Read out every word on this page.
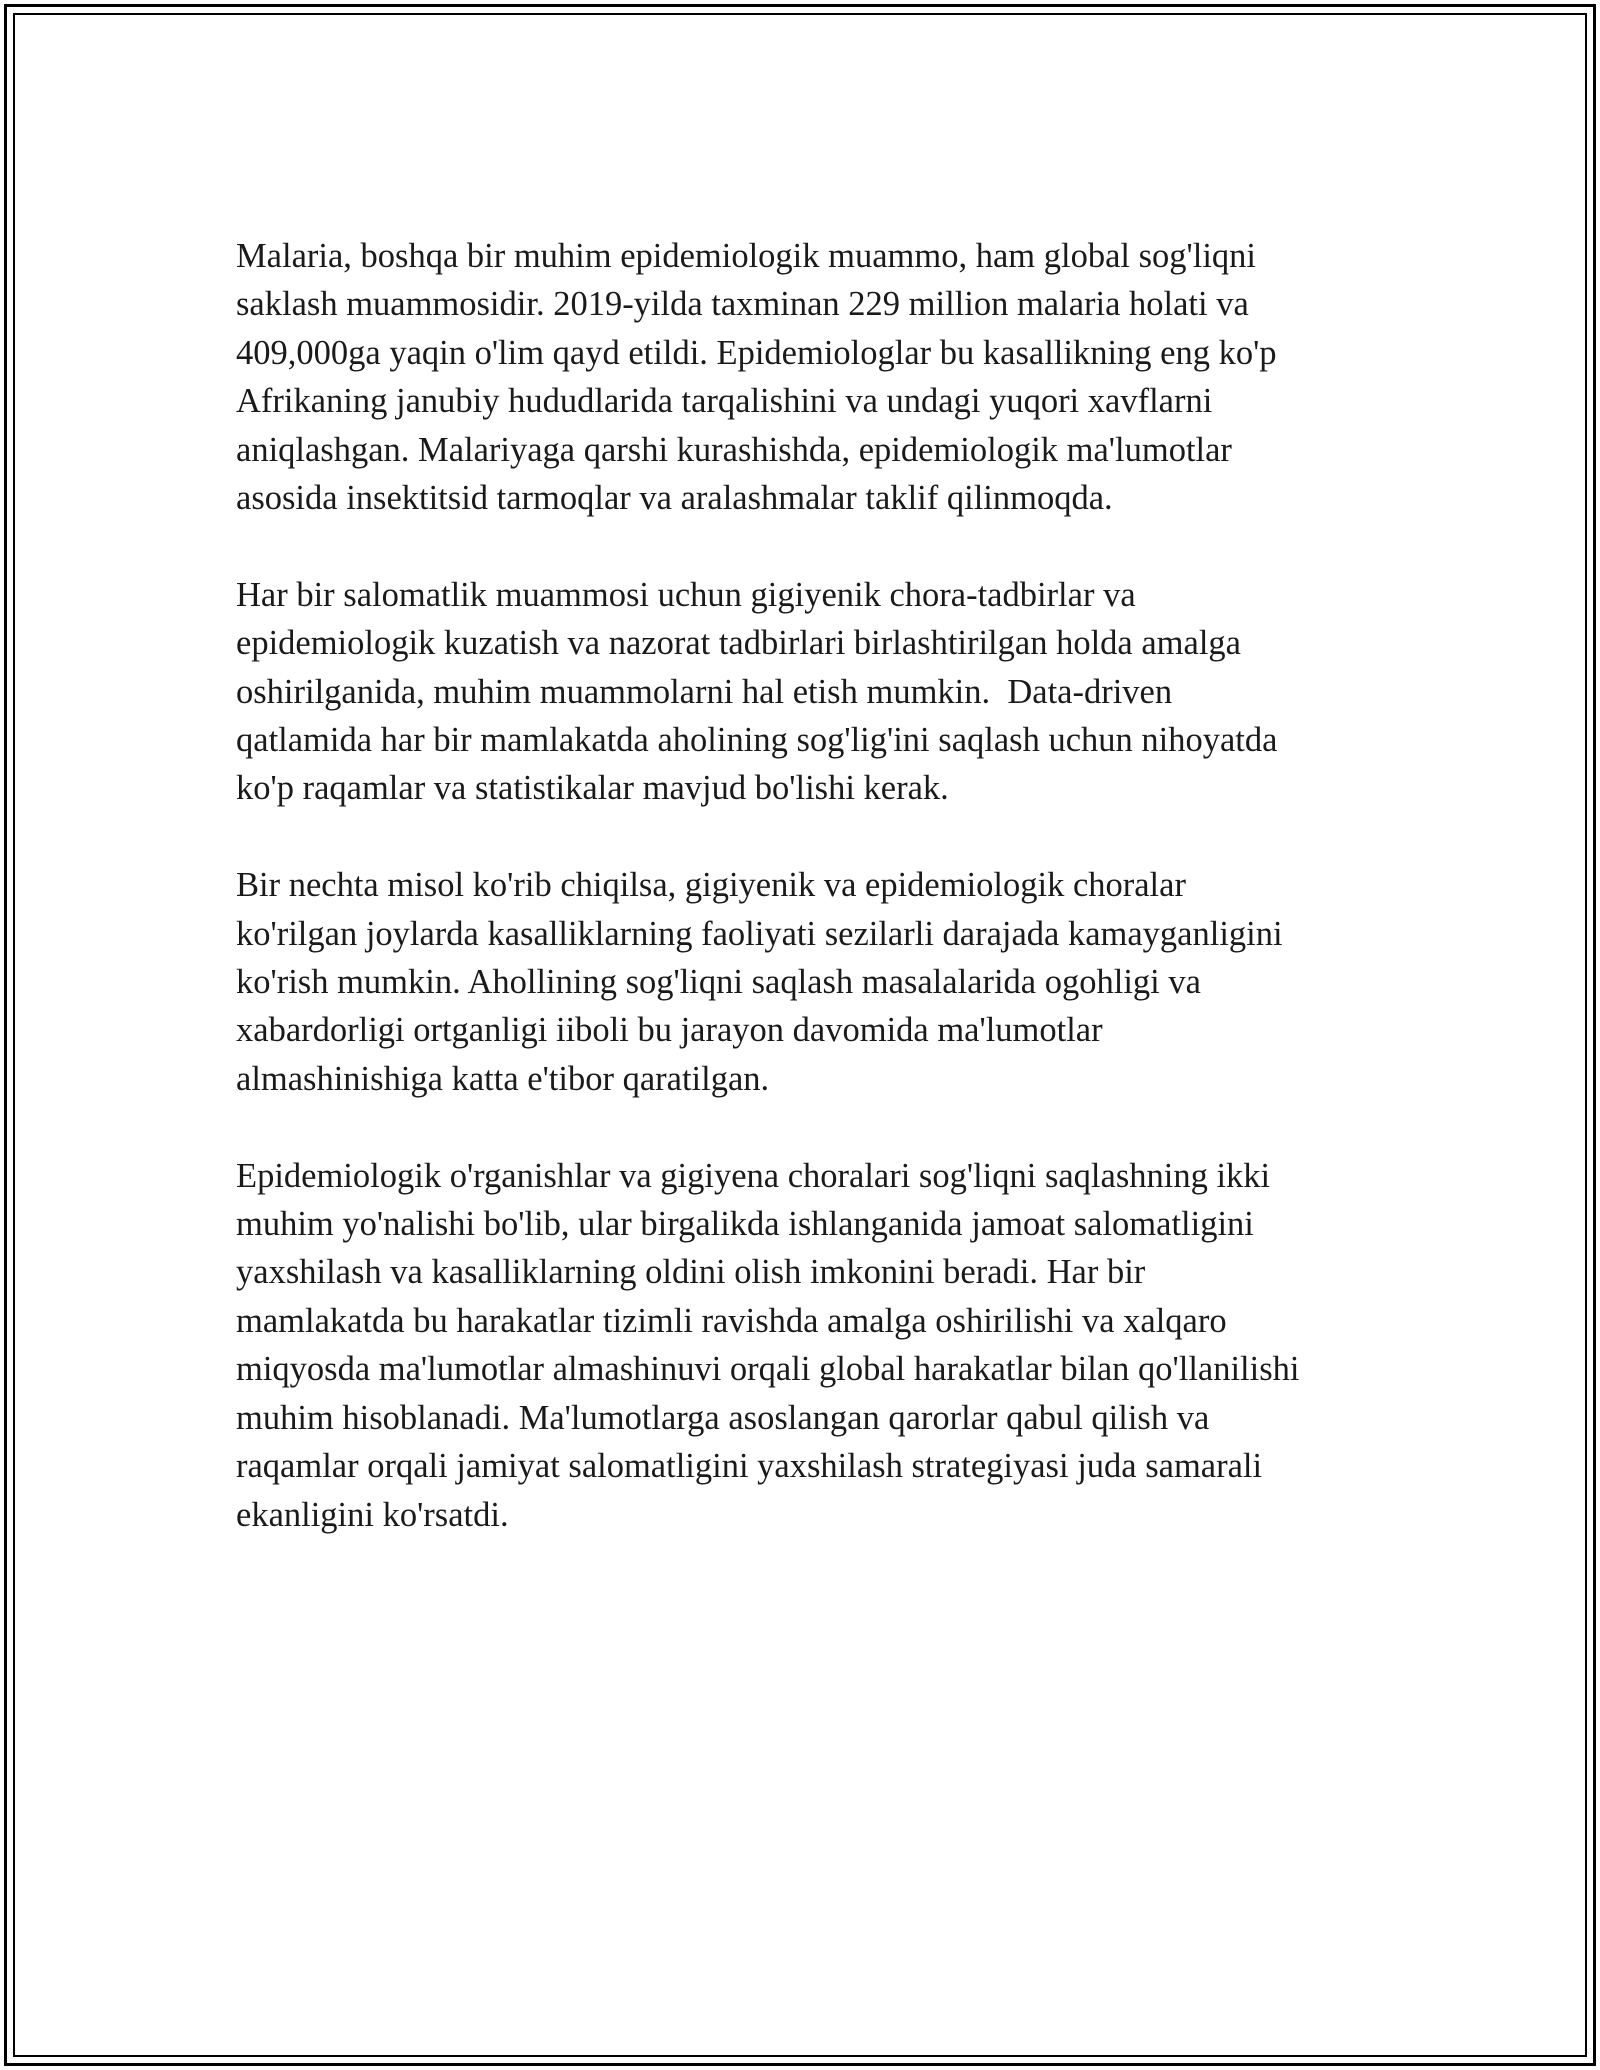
Malaria, boshqa bir muhim epidemiologik muammo, ham global sog'liqni
saklash muammosidir. 2019-yilda taxminan 229 million malaria holati va
409,000ga yaqin o'lim qayd etildi. Epidemiologlar bu kasallikning eng ko'p
Afrikaning janubiy hududlarida tarqalishini va undagi yuqori xavflarni
aniqlashgan. Malariyaga qarshi kurashishda, epidemiologik ma'lumotlar
asosida insektitsid tarmoqlar va aralashmalar taklif qilinmoqda.

Har bir salomatlik muammosi uchun gigiyenik chora-tadbirlar va
epidemiologik kuzatish va nazorat tadbirlari birlashtirilgan holda amalga
oshirilganida, muhim muammolarni hal etish mumkin.  Data-driven
qatlamida har bir mamlakatda aholining sog'lig'ini saqlash uchun nihoyatda
ko'p raqamlar va statistikalar mavjud bo'lishi kerak.

Bir nechta misol ko'rib chiqilsa, gigiyenik va epidemiologik choralar
ko'rilgan joylarda kasalliklarning faoliyati sezilarli darajada kamayganligini
ko'rish mumkin. Ahollining sog'liqni saqlash masalalarida ogohligi va
xabardorligi ortganligi iiboli bu jarayon davomida ma'lumotlar
almashinishiga katta e'tibor qaratilgan.

Epidemiologik o'rganishlar va gigiyena choralari sog'liqni saqlashning ikki
muhim yo'nalishi bo'lib, ular birgalikda ishlanganida jamoat salomatligini
yaxshilash va kasalliklarning oldini olish imkonini beradi. Har bir
mamlakatda bu harakatlar tizimli ravishda amalga oshirilishi va xalqaro
miqyosda ma'lumotlar almashinuvi orqali global harakatlar bilan qo'llanilishi
muhim hisoblanadi. Ma'lumotlarga asoslangan qarorlar qabul qilish va
raqamlar orqali jamiyat salomatligini yaxshilash strategiyasi juda samarali
ekanligini ko'rsatdi.
